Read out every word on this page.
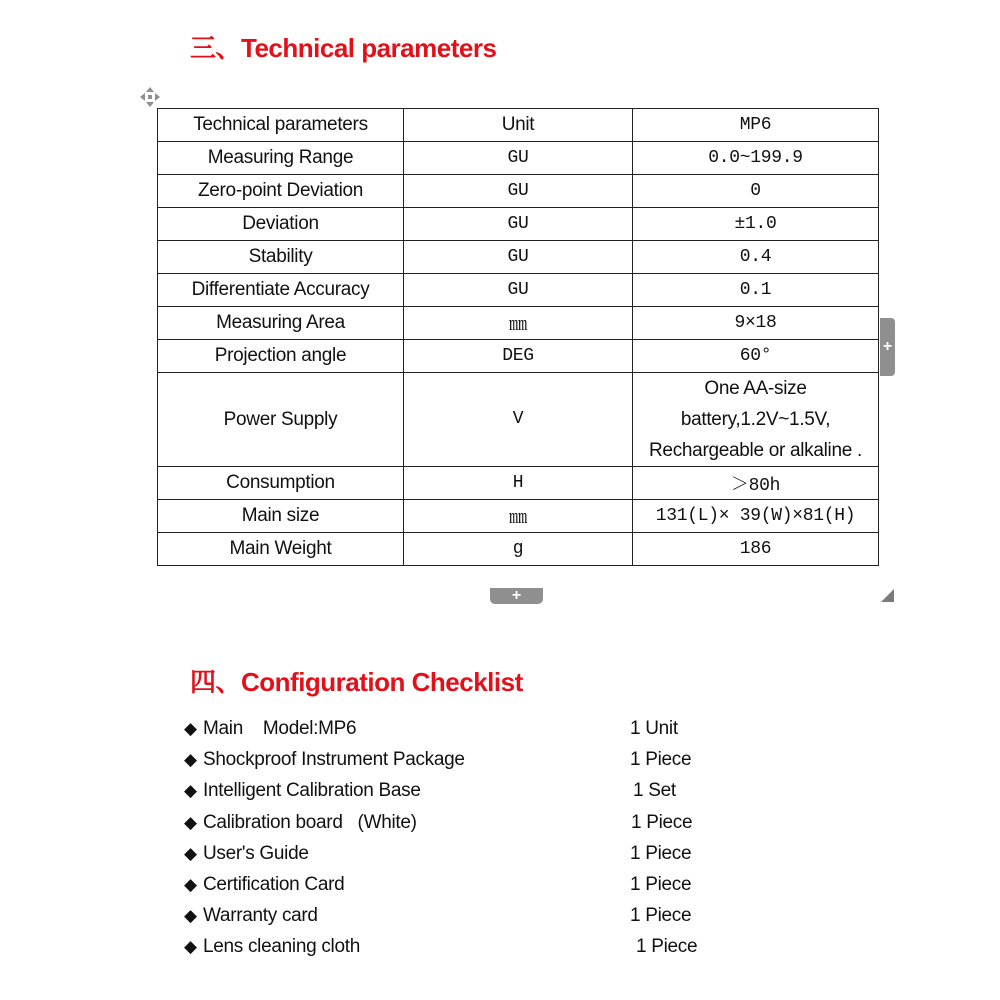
三、Technical parameters
Technical parameters	Unit	MP6
Measuring Range	GU	0.0~199.9
Zero-point Deviation	GU	0
Deviation	GU	±1.0
Stability	GU	0.4
Differentiate Accuracy	GU	0.1
Measuring Area	㎜	9×18
Projection angle	DEG	60°
Power Supply	V	One AA-size
battery,1.2V~1.5V,
Rechargeable or alkaline .

Consumption	H	＞80h
Main size	㎜	131(L)× 39(W)×81(H)
Main Weight	g	186
+
+
四、Configuration Checklist
◆ Main    Model:MP6	1 Unit
◆ Shockproof Instrument Package	1 Piece
◆ Intelligent Calibration Base	1 Set
◆ Calibration board   (White)	1 Piece
◆ User's Guide	1 Piece
◆ Certification Card	1 Piece
◆ Warranty card	1 Piece
◆ Lens cleaning cloth	1 Piece
